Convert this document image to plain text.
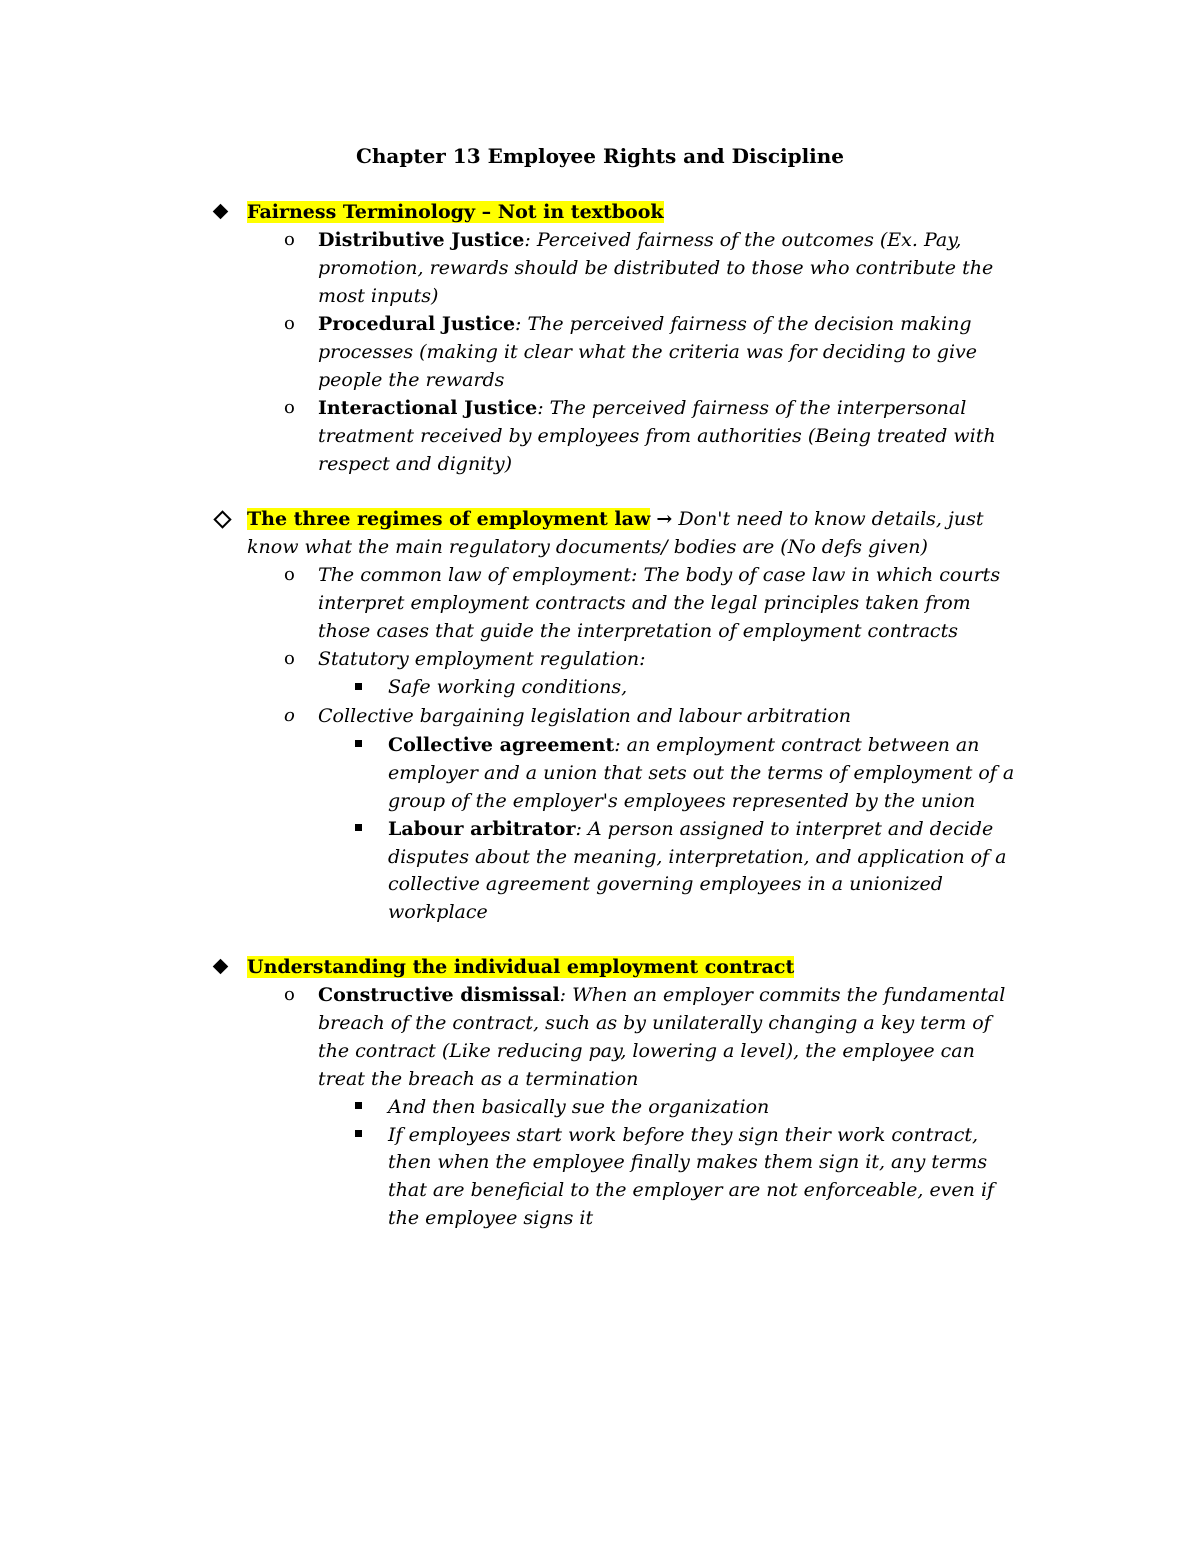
Chapter 13 Employee Rights and Discipline
Fairness Terminology – Not in textbook
o Distributive Justice: Perceived fairness of the outcomes (Ex. Pay,
promotion, rewards should be distributed to those who contribute the
most inputs)
o Procedural Justice: The perceived fairness of the decision making
processes (making it clear what the criteria was for deciding to give
people the rewards
o Interactional Justice: The perceived fairness of the interpersonal
treatment received by employees from authorities (Being treated with
respect and dignity)
The three regimes of employment law → Don't need to know details, just
know what the main regulatory documents/ bodies are (No defs given)
o The common law of employment: The body of case law in which courts
interpret employment contracts and the legal principles taken from
those cases that guide the interpretation of employment contracts
o Statutory employment regulation:
Safe working conditions,
o Collective bargaining legislation and labour arbitration
Collective agreement: an employment contract between an
employer and a union that sets out the terms of employment of a
group of the employer's employees represented by the union
Labour arbitrator: A person assigned to interpret and decide
disputes about the meaning, interpretation, and application of a
collective agreement governing employees in a unionized
workplace
Understanding the individual employment contract
o Constructive dismissal: When an employer commits the fundamental
breach of the contract, such as by unilaterally changing a key term of
the contract (Like reducing pay, lowering a level), the employee can
treat the breach as a termination
And then basically sue the organization
If employees start work before they sign their work contract,
then when the employee finally makes them sign it, any terms
that are beneficial to the employer are not enforceable, even if
the employee signs it
